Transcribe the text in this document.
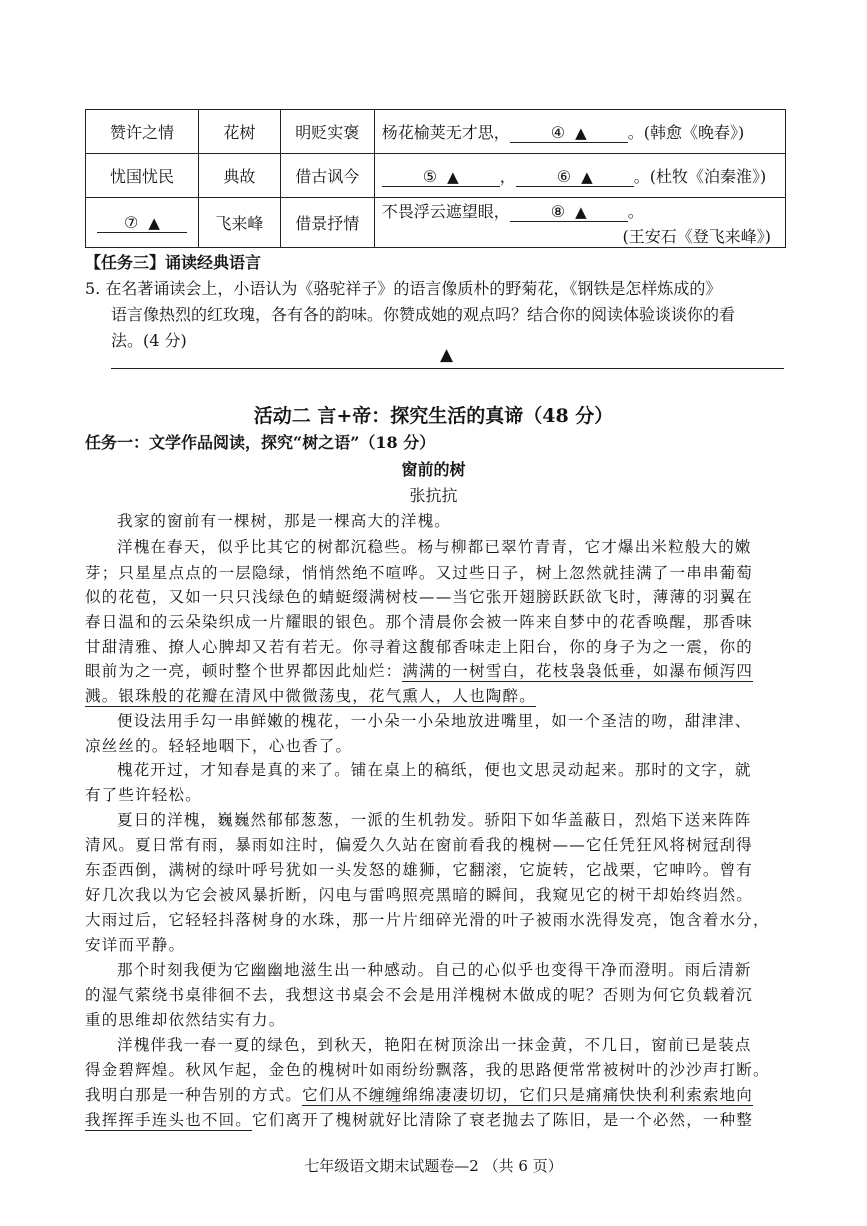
赞许之情	花树	明贬实褒	杨花榆荚无才思， ④ ▲ 。(韩愈《晚春》)
忧国忧民	典故	借古讽今	⑤ ▲ ， ⑥ ▲ 。(杜牧《泊秦淮》)
⑦ ▲	飞来峰	借景抒情	不畏浮云遮望眼， ⑧ ▲ 。
(王安石《登飞来峰》)
【任务三】诵读经典语言
5. 在名著诵读会上，小语认为《骆驼祥子》的语言像质朴的野菊花，《钢铁是怎样炼成的》
语言像热烈的红玫瑰，各有各的韵味。你赞成她的观点吗？结合你的阅读体验谈谈你的看
法。(4 分)
▲
活动二 言+帝：探究生活的真谛（48 分）
任务一：文学作品阅读，探究“树之语”（18 分）
窗前的树
张抗抗
我家的窗前有一棵树，那是一棵高大的洋槐。
洋槐在春天，似乎比其它的树都沉稳些。杨与柳都已翠竹青青，它才爆出米粒般大的嫩
芽；只星星点点的一层隐绿，悄悄然绝不喧哗。又过些日子，树上忽然就挂满了一串串葡萄
似的花苞，又如一只只浅绿色的蜻蜓缀满树枝——当它张开翅膀跃跃欲飞时，薄薄的羽翼在
春日温和的云朵染织成一片耀眼的银色。那个清晨你会被一阵来自梦中的花香唤醒，那香味
甘甜清雅、撩人心脾却又若有若无。你寻着这馥郁香味走上阳台，你的身子为之一震，你的
眼前为之一亮，顿时整个世界都因此灿烂：满满的一树雪白，花枝袅袅低垂，如瀑布倾泻四
溅。银珠般的花瓣在清风中微微荡曳，花气熏人，人也陶醉。
便设法用手勾一串鲜嫩的槐花，一小朵一小朵地放进嘴里，如一个圣洁的吻，甜津津、
凉丝丝的。轻轻地咽下，心也香了。
槐花开过，才知春是真的来了。铺在桌上的稿纸，便也文思灵动起来。那时的文字，就
有了些许轻松。
夏日的洋槐，巍巍然郁郁葱葱，一派的生机勃发。骄阳下如华盖蔽日，烈焰下送来阵阵
清风。夏日常有雨，暴雨如注时，偏爱久久站在窗前看我的槐树——它任凭狂风将树冠刮得
东歪西倒，满树的绿叶呼号犹如一头发怒的雄狮，它翻滚，它旋转，它战栗，它呻吟。曾有
好几次我以为它会被风暴折断，闪电与雷鸣照亮黑暗的瞬间，我窥见它的树干却始终岿然。
大雨过后，它轻轻抖落树身的水珠，那一片片细碎光滑的叶子被雨水洗得发亮，饱含着水分，
安详而平静。
那个时刻我便为它幽幽地滋生出一种感动。自己的心似乎也变得干净而澄明。雨后清新
的湿气萦绕书桌徘徊不去，我想这书桌会不会是用洋槐树木做成的呢？否则为何它负载着沉
重的思维却依然结实有力。
洋槐伴我一春一夏的绿色，到秋天，艳阳在树顶涂出一抹金黄，不几日，窗前已是装点
得金碧辉煌。秋风乍起，金色的槐树叶如雨纷纷飘落，我的思路便常常被树叶的沙沙声打断。
我明白那是一种告别的方式。它们从不缠缠绵绵凄凄切切，它们只是痛痛快快利利索索地向
我挥挥手连头也不回。它们离开了槐树就好比清除了衰老抛去了陈旧，是一个必然，一种整
七年级语文期末试题卷—2 （共 6 页）
